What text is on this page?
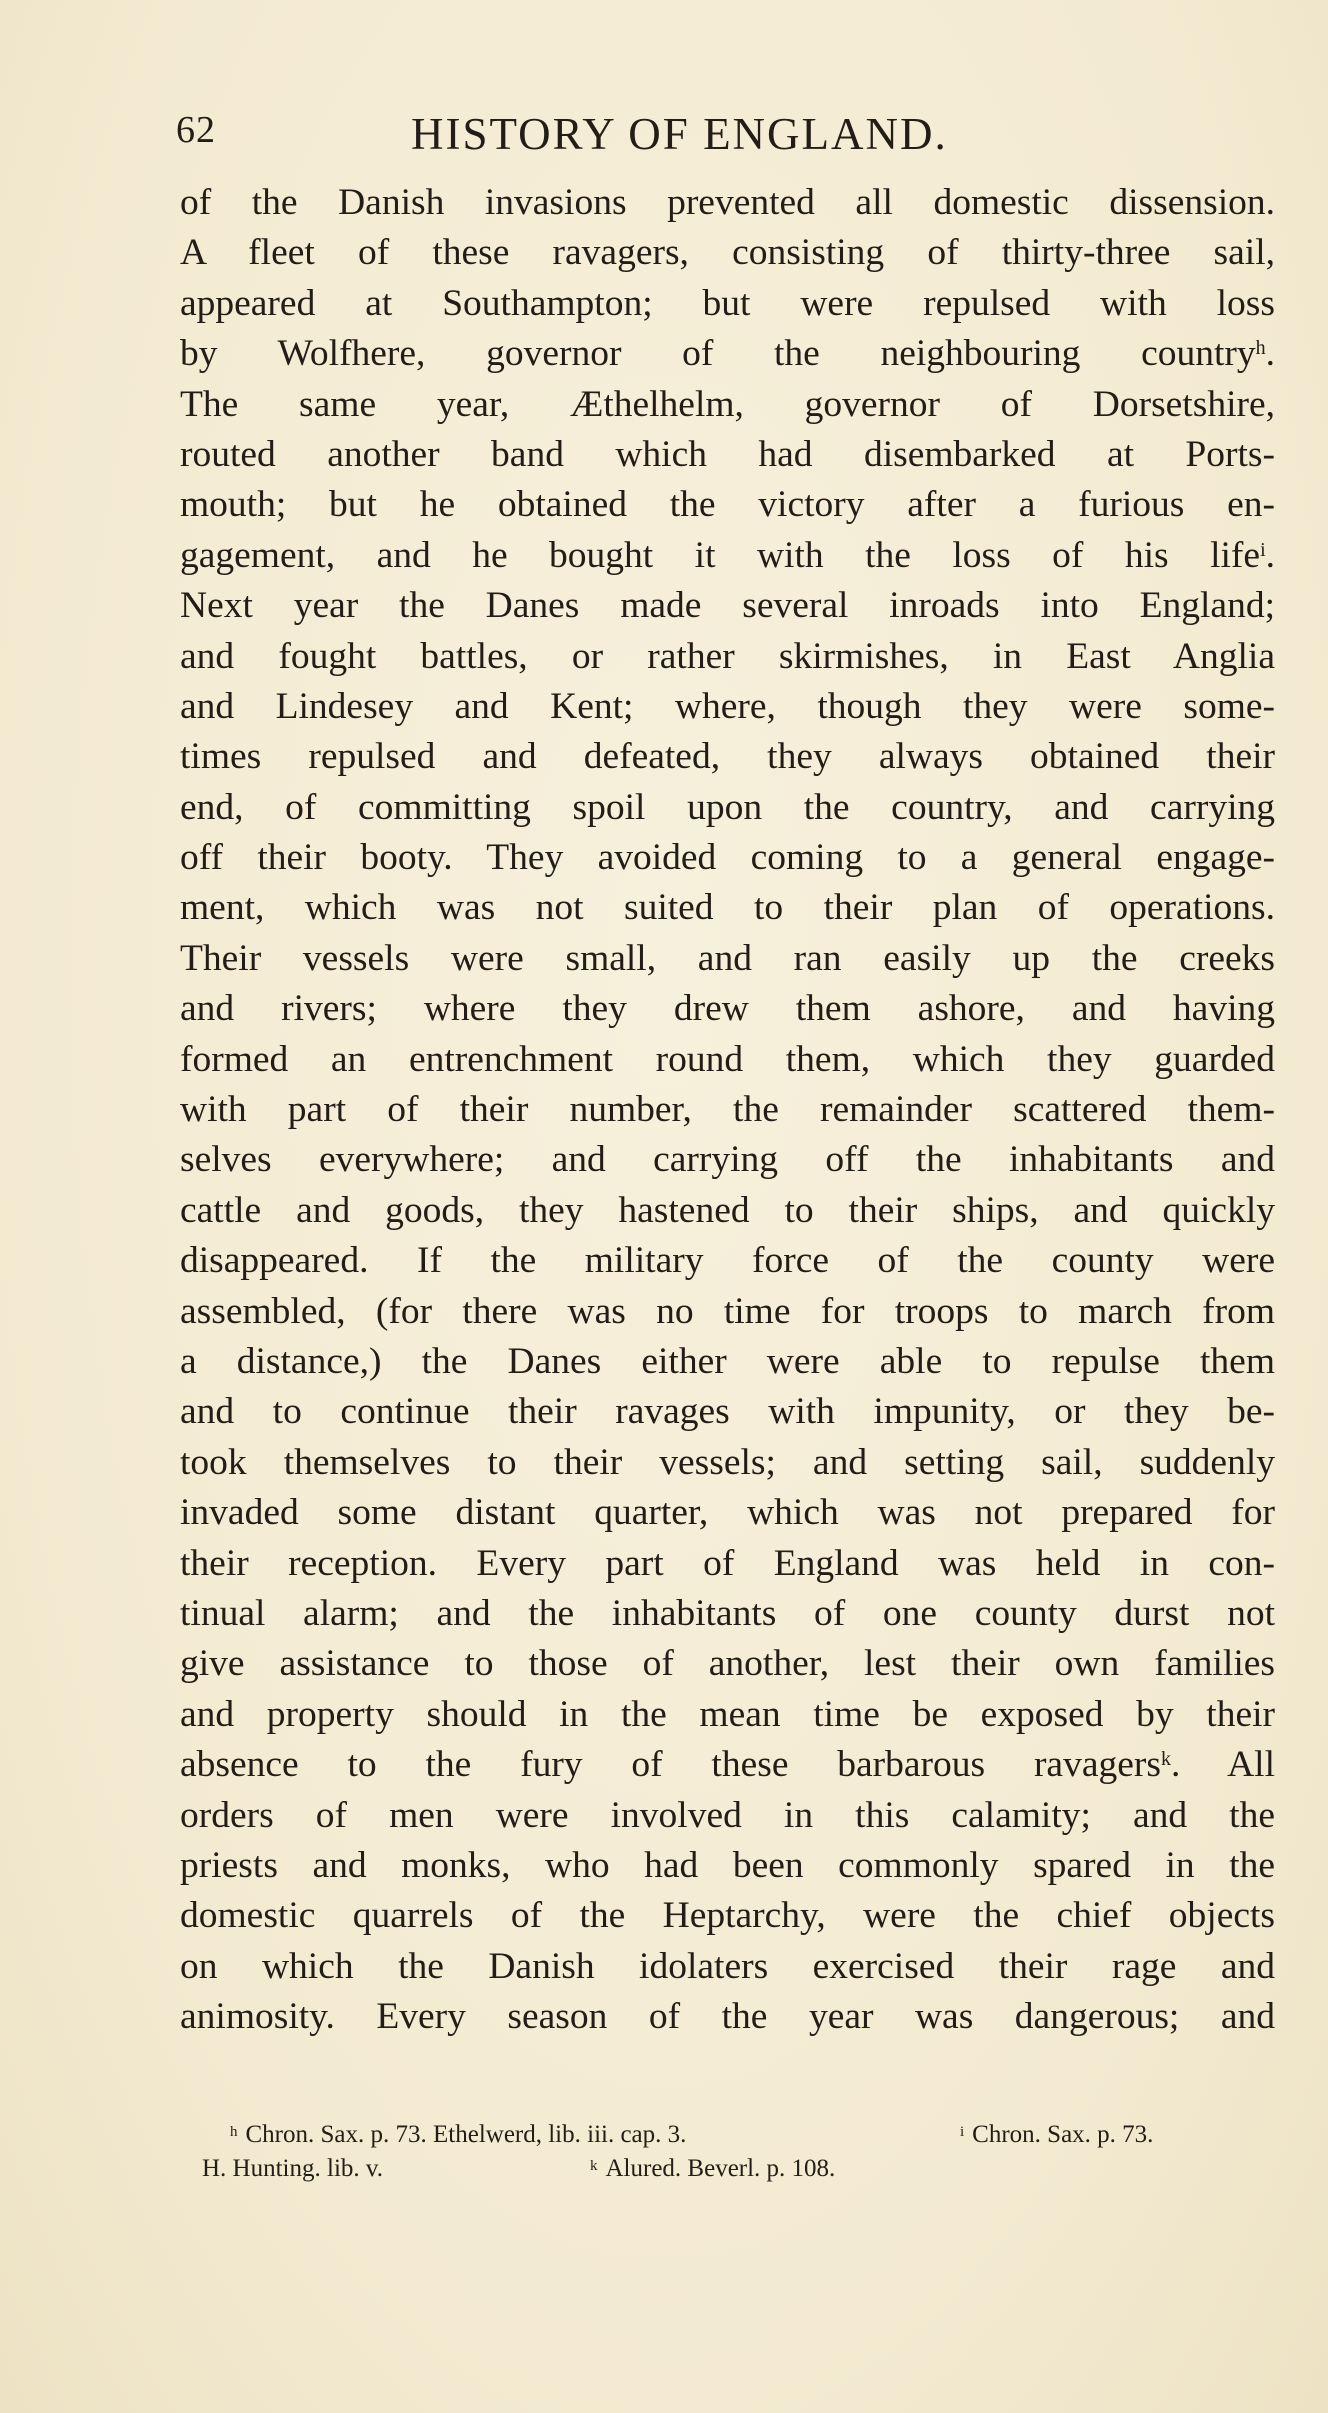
62	HISTORY OF ENGLAND.
of the Danish invasions prevented all domestic dissension.
A fleet of these ravagers, consisting of thirty-three sail,
appeared at Southampton; but were repulsed with loss
by Wolfhere, governor of the neighbouring country$^h$.
The same year, Æthelhelm, governor of Dorsetshire,
routed another band which had disembarked at Ports-
mouth; but he obtained the victory after a furious en-
gagement, and he bought it with the loss of his life$^i$.
Next year the Danes made several inroads into England;
and fought battles, or rather skirmishes, in East Anglia
and Lindesey and Kent; where, though they were some-
times repulsed and defeated, they always obtained their
end, of committing spoil upon the country, and carrying
off their booty. They avoided coming to a general engage-
ment, which was not suited to their plan of operations.
Their vessels were small, and ran easily up the creeks
and rivers; where they drew them ashore, and having
formed an entrenchment round them, which they guarded
with part of their number, the remainder scattered them-
selves everywhere; and carrying off the inhabitants and
cattle and goods, they hastened to their ships, and quickly
disappeared. If the military force of the county were
assembled, (for there was no time for troops to march from
a distance,) the Danes either were able to repulse them
and to continue their ravages with impunity, or they be-
took themselves to their vessels; and setting sail, suddenly
invaded some distant quarter, which was not prepared for
their reception. Every part of England was held in con-
tinual alarm; and the inhabitants of one county durst not
give assistance to those of another, lest their own families
and property should in the mean time be exposed by their
absence to the fury of these barbarous ravagers$^k$. All
orders of men were involved in this calamity; and the
priests and monks, who had been commonly spared in the
domestic quarrels of the Heptarchy, were the chief objects
on which the Danish idolaters exercised their rage and
animosity. Every season of the year was dangerous; and
$^h$ Chron. Sax. p. 73. Ethelwerd, lib. iii. cap. 3.	$^i$ Chron. Sax. p. 73.
H. Hunting. lib. v.	$^k$ Alured. Beverl. p. 108.
